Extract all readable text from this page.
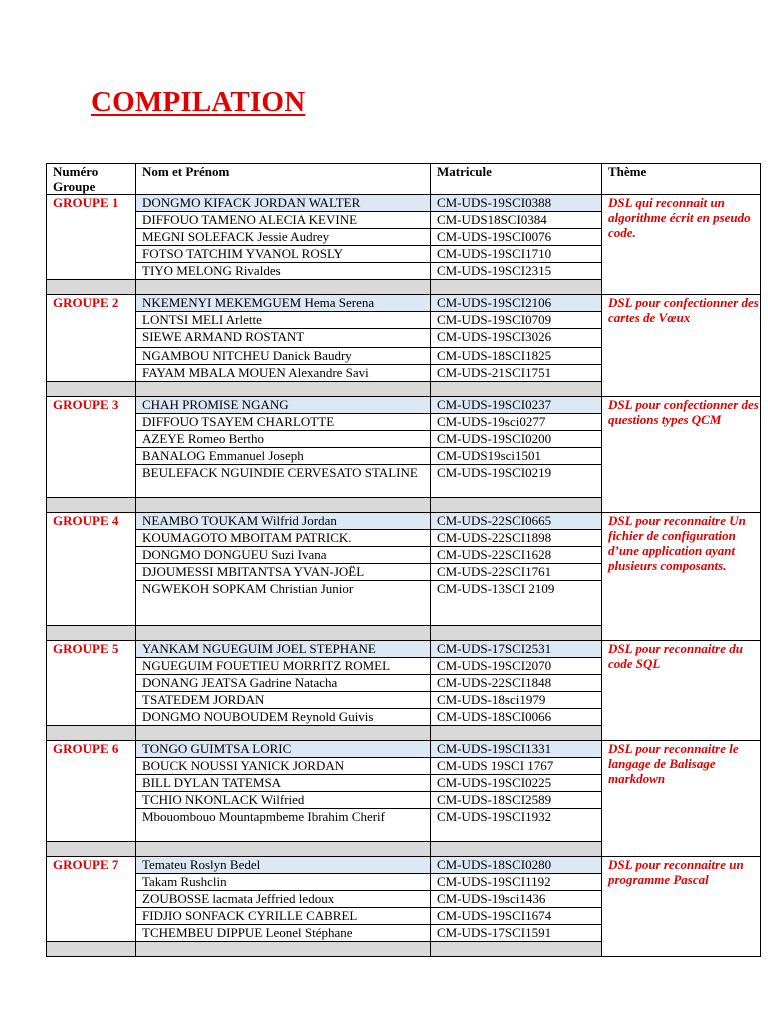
COMPILATION
Numéro Groupe	Nom et Prénom	Matricule	Thème
GROUPE 1	DONGMO KIFACK JORDAN WALTER	CM-UDS-19SCI0388	DSL qui reconnait un algorithme écrit en pseudo code.
	DIFFOUO TAMENO ALECIA KEVINE	CM-UDS18SCI0384	
	MEGNI SOLEFACK Jessie Audrey	CM-UDS-19SCI0076	
	FOTSO TATCHIM YVANOL ROSLY	CM-UDS-19SCI1710	
	TIYO MELONG Rivaldes	CM-UDS-19SCI2315	

GROUPE 2	NKEMENYI MEKEMGUEM Hema Serena	CM-UDS-19SCI2106	DSL pour confectionner des cartes de Vœux
	LONTSI MELI Arlette	CM-UDS-19SCI0709	
	SIEWE ARMAND ROSTANT	CM-UDS-19SCI3026	
	NGAMBOU NITCHEU Danick Baudry	CM-UDS-18SCI1825	
	FAYAM MBALA MOUEN Alexandre Savi	CM-UDS-21SCI1751	

GROUPE 3	CHAH PROMISE NGANG	CM-UDS-19SCI0237	DSL pour confectionner des questions types QCM
	DIFFOUO TSAYEM CHARLOTTE	CM-UDS-19sci0277	
	AZEYE Romeo Bertho	CM-UDS-19SCI0200	
	BANALOG Emmanuel Joseph	CM-UDS19sci1501	
	BEULEFACK NGUINDIE CERVESATO STALINE	CM-UDS-19SCI0219	

GROUPE 4	NEAMBO TOUKAM Wilfrid Jordan	CM-UDS-22SCI0665	DSL pour reconnaitre Un fichier de configuration d’une application ayant plusieurs composants.
	KOUMAGOTO MBOITAM PATRICK.	CM-UDS-22SCI1898	
	DONGMO DONGUEU Suzi Ivana	CM-UDS-22SCI1628	
	DJOUMESSI MBITANTSA YVAN-JOËL	CM-UDS-22SCI1761	
	NGWEKOH SOPKAM Christian Junior	CM-UDS-13SCI 2109	

GROUPE 5	YANKAM NGUEGUIM JOEL STEPHANE	CM-UDS-17SCI2531	DSL pour reconnaitre du code SQL
	NGUEGUIM FOUETIEU MORRITZ ROMEL	CM-UDS-19SCI2070	
	DONANG JEATSA Gadrine Natacha	CM-UDS-22SCI1848	
	TSATEDEM JORDAN	CM-UDS-18sci1979	
	DONGMO NOUBOUDEM Reynold Guivis	CM-UDS-18SCI0066	

GROUPE 6	TONGO GUIMTSA LORIC	CM-UDS-19SCI1331	DSL pour reconnaitre le langage de Balisage markdown
	BOUCK NOUSSI YANICK JORDAN	CM-UDS 19SCI 1767	
	BILL DYLAN TATEMSA	CM-UDS-19SCI0225	
	TCHIO NKONLACK Wilfried	CM-UDS-18SCI2589	
	Mbouombouo Mountapmbeme Ibrahim Cherif	CM-UDS-19SCI1932	

GROUPE 7	Temateu Roslyn Bedel	CM-UDS-18SCI0280	DSL pour reconnaitre un programme Pascal
	Takam Rushclin	CM-UDS-19SCI1192	
	ZOUBOSSE lacmata Jeffried ledoux	CM-UDS-19sci1436	
	FIDJIO SONFACK CYRILLE CABREL	CM-UDS-19SCI1674	
	TCHEMBEU DIPPUE Leonel Stéphane	CM-UDS-17SCI1591	
